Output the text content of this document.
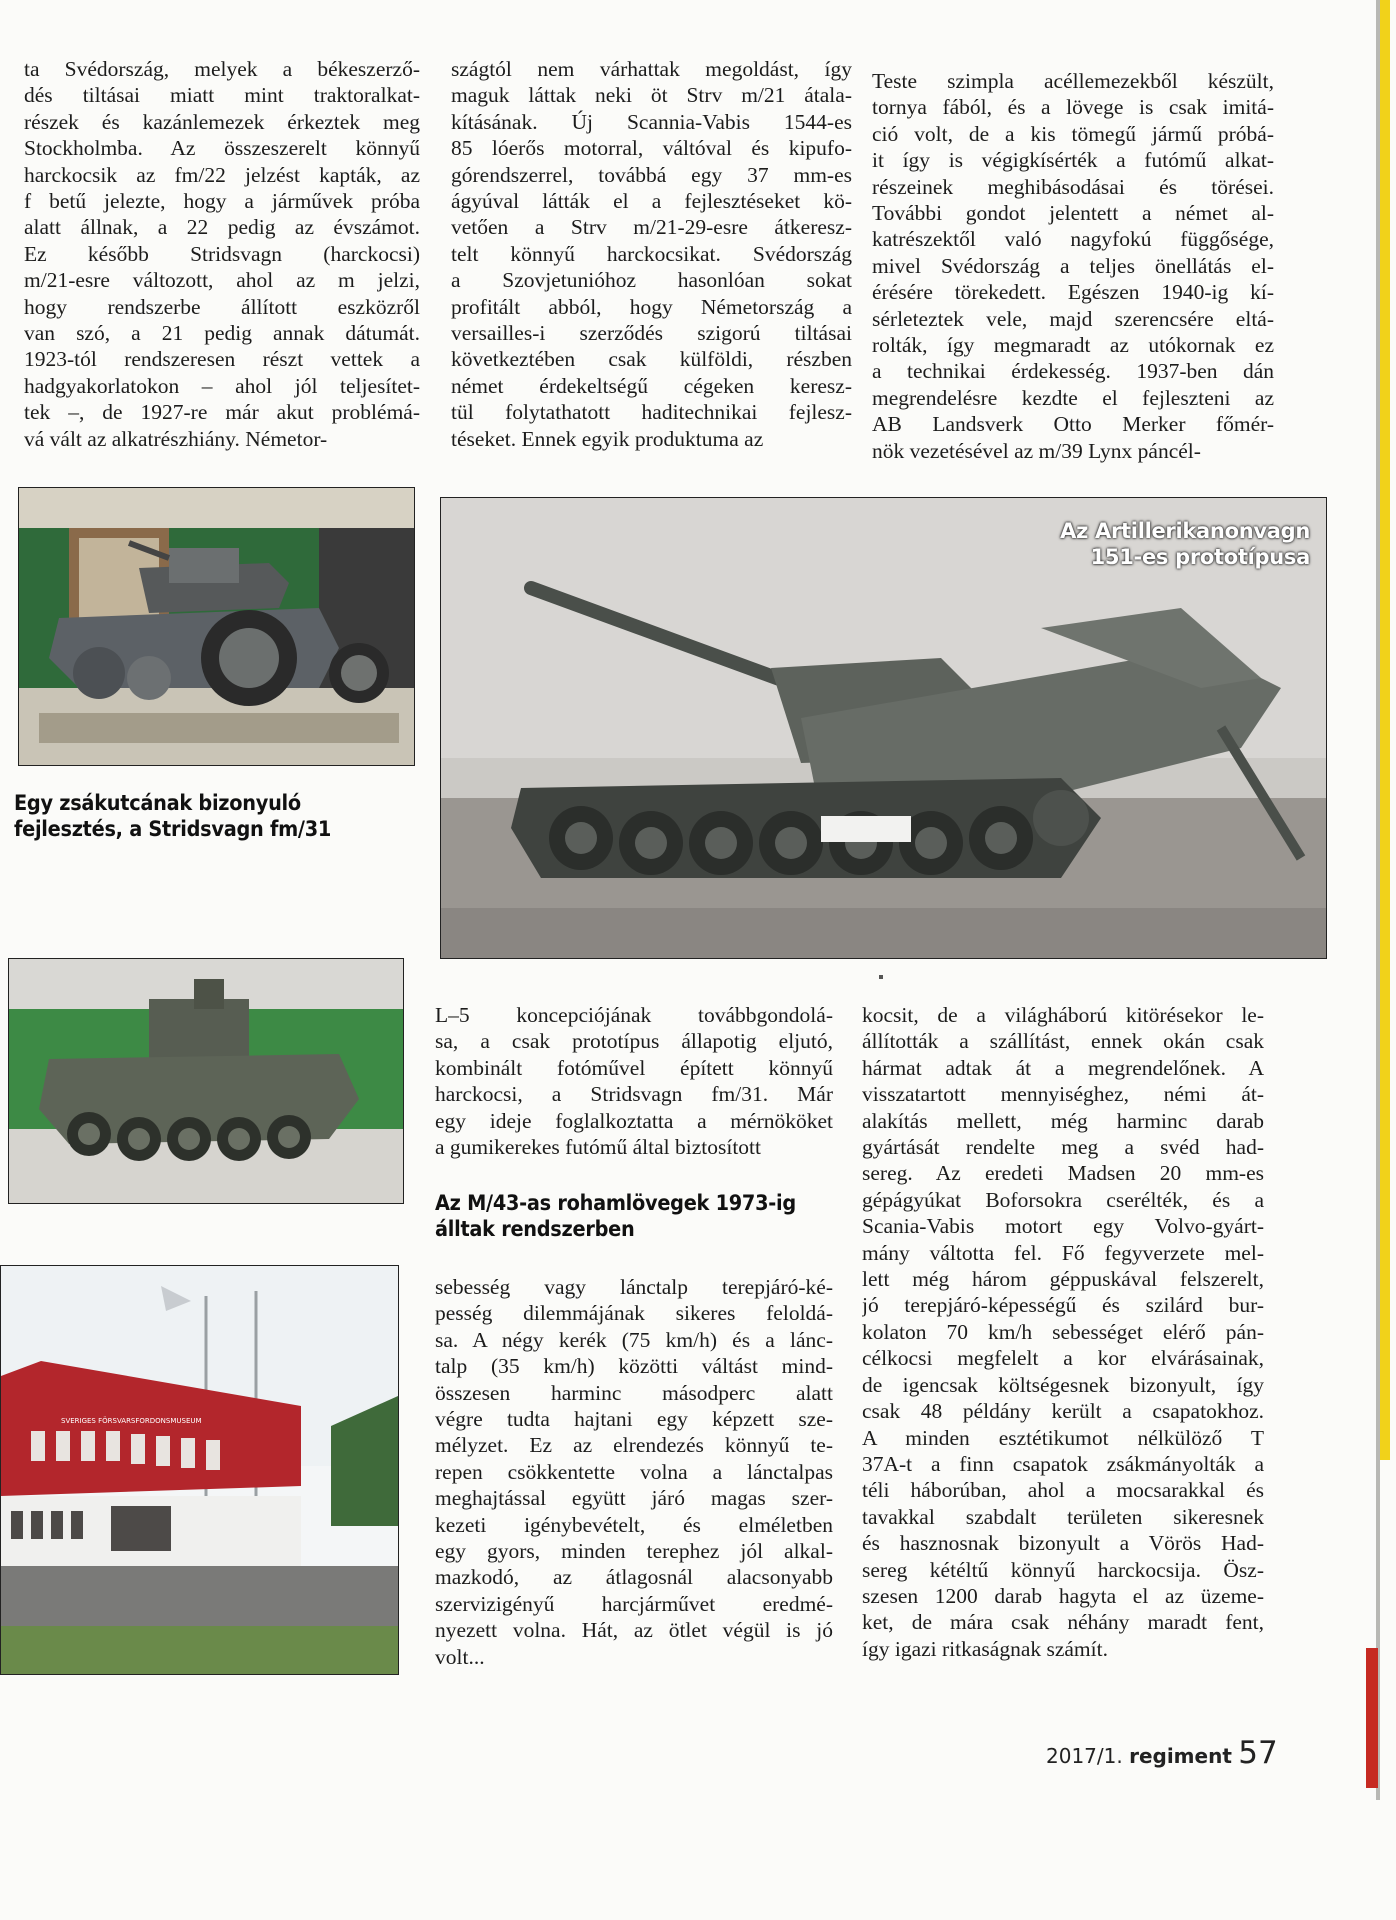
ta Svédország, melyek a békeszerző-
dés tiltásai miatt mint traktoralkat-
részek és kazánlemezek érkeztek meg
Stockholmba. Az összeszerelt könnyű
harckocsik az fm/22 jelzést kapták, az
f betű jelezte, hogy a járművek próba
alatt állnak, a 22 pedig az évszámot.
Ez később Stridsvagn (harckocsi)
m/21-esre változott, ahol az m jelzi,
hogy rendszerbe állított eszközről
van szó, a 21 pedig annak dátumát.
1923-tól rendszeresen részt vettek a
hadgyakorlatokon – ahol jól teljesítet-
tek –, de 1927-re már akut problémá-
vá vált az alkatrészhiány. Németor-
szágtól nem várhattak megoldást, így
maguk láttak neki öt Strv m/21 átala-
kításának. Új Scannia-Vabis 1544-es
85 lóerős motorral, váltóval és kipufo-
górendszerrel, továbbá egy 37 mm-es
ágyúval látták el a fejlesztéseket kö-
vetően a Strv m/21-29-esre átkeresz-
telt könnyű harckocsikat. Svédország
a Szovjetunióhoz hasonlóan sokat
profitált abból, hogy Németország a
versailles-i szerződés szigorú tiltásai
következtében csak külföldi, részben
német érdekeltségű cégeken keresz-
tül folytathatott haditechnikai fejlesz-
téseket. Ennek egyik produktuma az
Teste szimpla acéllemezekből készült,
tornya fából, és a lövege is csak imitá-
ció volt, de a kis tömegű jármű próbá-
it így is végigkísérték a futómű alkat-
részeinek meghibásodásai és törései.
További gondot jelentett a német al-
katrészektől való nagyfokú függősége,
mivel Svédország a teljes önellátás el-
érésére törekedett. Egészen 1940-ig kí-
sérleteztek vele, majd szerencsére eltá-
rolták, így megmaradt az utókornak ez
a technikai érdekesség. 1937-ben dán
megrendelésre kezdte el fejleszteni az
AB Landsverk Otto Merker főmér-
nök vezetésével az m/39 Lynx páncél-
L–5 koncepciójának továbbgondolá-
sa, a csak prototípus állapotig eljutó,
kombinált fotóművel épített könnyű
harckocsi, a Stridsvagn fm/31. Már
egy ideje foglalkoztatta a mérnököket
a gumikerekes futómű által biztosított
sebesség vagy lánctalp terepjáró-ké-
pesség dilemmájának sikeres feloldá-
sa. A négy kerék (75 km/h) és a lánc-
talp (35 km/h) közötti váltást mind-
összesen harminc másodperc alatt
végre tudta hajtani egy képzett sze-
mélyzet. Ez az elrendezés könnyű te-
repen csökkentette volna a lánctalpas
meghajtással együtt járó magas szer-
kezeti igénybevételt, és elméletben
egy gyors, minden terephez jól alkal-
mazkodó, az átlagosnál alacsonyabb
szervizigényű harcjárművet eredmé-
nyezett volna. Hát, az ötlet végül is jó
volt...
kocsit, de a világháború kitörésekor le-
állították a szállítást, ennek okán csak
hármat adtak át a megrendelőnek. A
visszatartott mennyiséghez, némi át-
alakítás mellett, még harminc darab
gyártását rendelte meg a svéd had-
sereg. Az eredeti Madsen 20 mm-es
gépágyúkat Boforsokra cserélték, és a
Scania-Vabis motort egy Volvo-gyárt-
mány váltotta fel. Fő fegyverzete mel-
lett még három géppuskával felszerelt,
jó terepjáró-képességű és szilárd bur-
kolaton 70 km/h sebességet elérő pán-
célkocsi megfelelt a kor elvárásainak,
de igencsak költségesnek bizonyult, így
csak 48 példány került a csapatokhoz.
A minden esztétikumot nélkülöző T
37A-t a finn csapatok zsákmányolták a
téli háborúban, ahol a mocsarakkal és
tavakkal szabdalt területen sikeresnek
és hasznosnak bizonyult a Vörös Had-
sereg kétéltű könnyű harckocsija. Ösz-
szesen 1200 darab hagyta el az üzeme-
ket, de mára csak néhány maradt fent,
így igazi ritkaságnak számít.
Egy zsákutcának bizonyuló
fejlesztés, a Stridsvagn fm/31
Az M/43-as rohamlövegek 1973-ig
álltak rendszerben
Az Artillerikanonvagn
151-es prototípusa
SVERIGES FÖRSVARSFORDONSMUSEUM
2017/1. regiment 57
